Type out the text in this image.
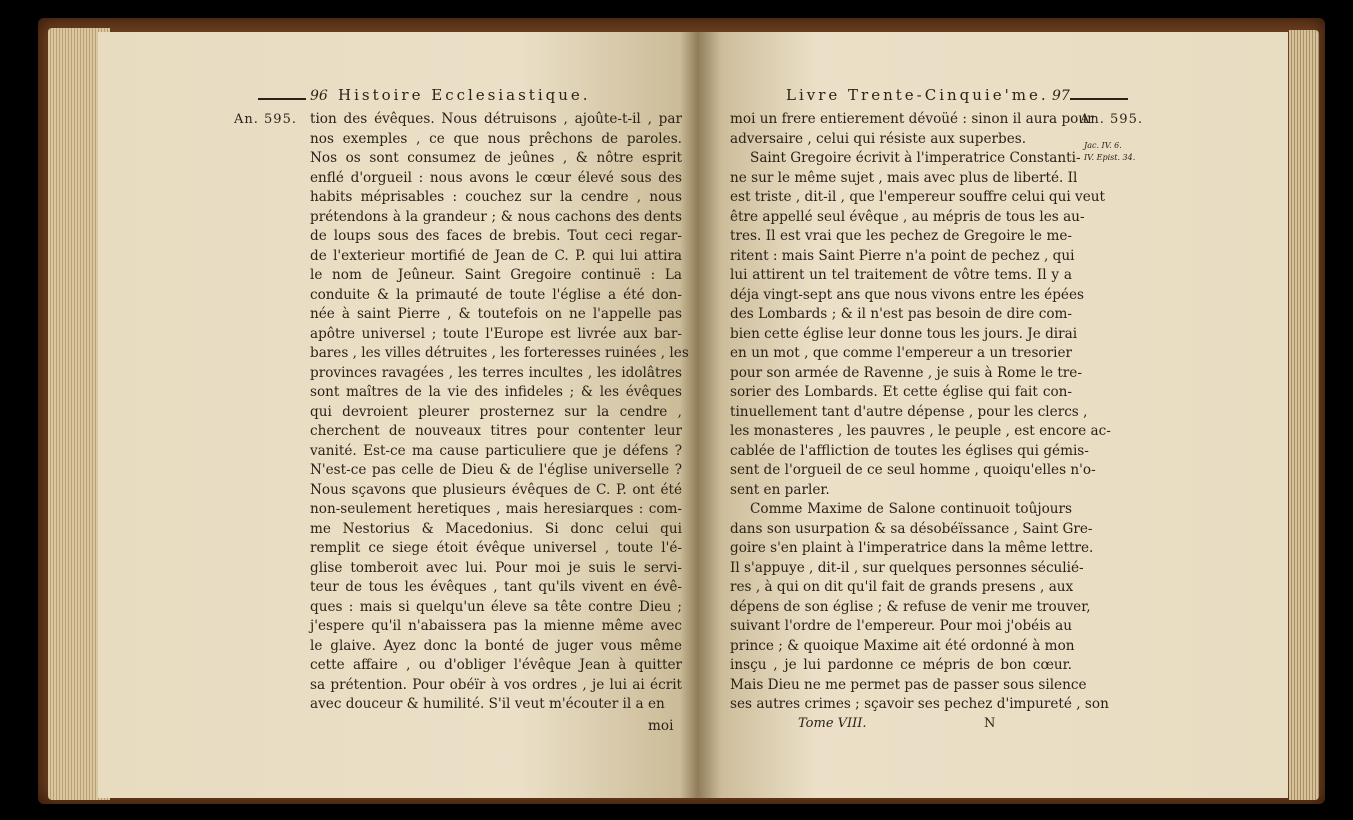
96 Histoire Ecclesiastique.
An. 595. tion des évêques. Nous détruisons , ajoûte-t-il , par
nos exemples , ce que nous prêchons de paroles.
Nos os sont consumez de jeûnes , & nôtre esprit
enflé d'orgueil : nous avons le cœur élevé sous des
habits méprisables : couchez sur la cendre , nous
prétendons à la grandeur ; & nous cachons des dents
de loups sous des faces de brebis. Tout ceci regar-
de l'exterieur mortifié de Jean de C. P. qui lui attira
le nom de Jeûneur. Saint Gregoire continuë : La
conduite & la primauté de toute l'église a été don-
née à saint Pierre , & toutefois on ne l'appelle pas
apôtre universel ; toute l'Europe est livrée aux bar-
bares , les villes détruites , les forteresses ruinées , les
provinces ravagées , les terres incultes , les idolâtres
sont maîtres de la vie des infideles ; & les évêques
qui devroient pleurer prosternez sur la cendre ,
cherchent de nouveaux titres pour contenter leur
vanité. Est-ce ma cause particuliere que je défens ?
N'est-ce pas celle de Dieu & de l'église universelle ?
Nous sçavons que plusieurs évêques de C. P. ont été
non-seulement heretiques , mais heresiarques : com-
me Nestorius & Macedonius. Si donc celui qui
remplit ce siege étoit évêque universel , toute l'é-
glise tomberoit avec lui. Pour moi je suis le servi-
teur de tous les évêques , tant qu'ils vivent en évê-
ques : mais si quelqu'un éleve sa tête contre Dieu ;
j'espere qu'il n'abaissera pas la mienne même avec
le glaive. Ayez donc la bonté de juger vous même
cette affaire , ou d'obliger l'évêque Jean à quitter
sa prétention. Pour obéïr à vos ordres , je lui ai écrit
avec douceur & humilité. S'il veut m'écouter il a en
moi
Livre Trente-Cinquie'me. 97
An. 595.
Jac. IV. 6.
IV. Epist. 34.
moi un frere entierement dévoüé : sinon il aura pour
adversaire , celui qui résiste aux superbes.
Saint Gregoire écrivit à l'imperatrice Constanti-
ne sur le même sujet , mais avec plus de liberté. Il
est triste , dit-il , que l'empereur souffre celui qui veut
être appellé seul évêque , au mépris de tous les au-
tres. Il est vrai que les pechez de Gregoire le me-
ritent : mais Saint Pierre n'a point de pechez , qui
lui attirent un tel traitement de vôtre tems. Il y a
déja vingt-sept ans que nous vivons entre les épées
des Lombards ; & il n'est pas besoin de dire com-
bien cette église leur donne tous les jours. Je dirai
en un mot , que comme l'empereur a un tresorier
pour son armée de Ravenne , je suis à Rome le tre-
sorier des Lombards. Et cette église qui fait con-
tinuellement tant d'autre dépense , pour les clercs ,
les monasteres , les pauvres , le peuple , est encore ac-
cablée de l'affliction de toutes les églises qui gémis-
sent de l'orgueil de ce seul homme , quoiqu'elles n'o-
sent en parler.
Comme Maxime de Salone continuoit toûjours
dans son usurpation & sa désobéïssance , Saint Gre-
goire s'en plaint à l'imperatrice dans la même lettre.
Il s'appuye , dit-il , sur quelques personnes séculié-
res , à qui on dit qu'il fait de grands presens , aux
dépens de son église ; & refuse de venir me trouver,
suivant l'ordre de l'empereur. Pour moi j'obéis au
prince ; & quoique Maxime ait été ordonné à mon
insçu , je lui pardonne ce mépris de bon cœur.
Mais Dieu ne me permet pas de passer sous silence
ses autres crimes ; sçavoir ses pechez d'impureté , son
Tome VIII.	N
